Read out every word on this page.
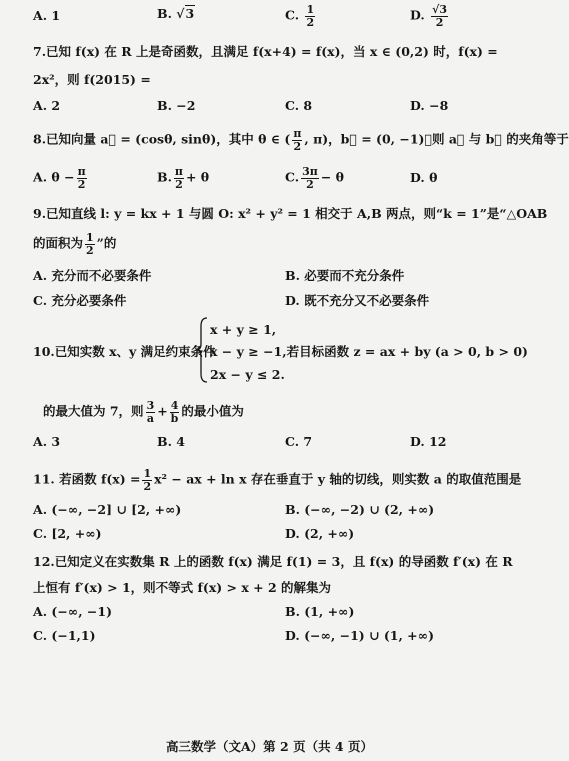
A. 1	B. √3	C. $\frac{1}{2}$	D. $\frac{√3}{2}$
7.已知 f(x) 在 R 上是奇函数，且满足 f(x+4) = f(x)，当 x ∈ (0,2) 时，f(x) =
2x²，则 f(2015) =
A. 2	B. −2	C. 8	D. −8
8.已知向量 a⃗ = (cosθ, sinθ)，其中 θ ∈ ( $\frac{\pi}{2}$ , π)，b⃗ = (0, −1)，则 a⃗ 与 b⃗ 的夹角等于
A. $\theta - \frac{\pi}{2}$	B. $\frac{\pi}{2} + \theta$	C. $\frac{3\pi}{2} - \theta$	D. θ
9.已知直线 l: y = kx + 1 与圆 O: x² + y² = 1 相交于 A,B 两点，则“k = 1”是“△OAB
的面积为 $\frac{1}{2}$ ”的
A. 充分而不必要条件	B. 必要而不充分条件
C. 充分必要条件	D. 既不充分又不必要条件
x + y ≥ 1,
10.已知实数 x、y 满足约束条件
x − y ≥ −1,若目标函数 z = ax + by (a > 0, b > 0)
2x − y ≤ 2.
的最大值为 7，则 $\frac{3}{a} + \frac{4}{b}$ 的最小值为
A. 3	B. 4	C. 7	D. 12
11. 若函数 $f(x) = \frac{1}{2} x^2$ − ax + ln x 存在垂直于 y 轴的切线，则实数 a 的取值范围是
A. (−∞, −2] ∪ [2, +∞)	B. (−∞, −2) ∪ (2, +∞)
C. [2, +∞)	D. (2, +∞)
12.已知定义在实数集 R 上的函数 f(x) 满足 f(1) = 3，且 f(x) 的导函数 f′(x) 在 R
上恒有 f′(x) > 1，则不等式 f(x) > x + 2 的解集为
A. (−∞, −1)	B. (1, +∞)
C. (−1,1)	D. (−∞, −1) ∪ (1, +∞)
高三数学（文A）第 2 页（共 4 页）
